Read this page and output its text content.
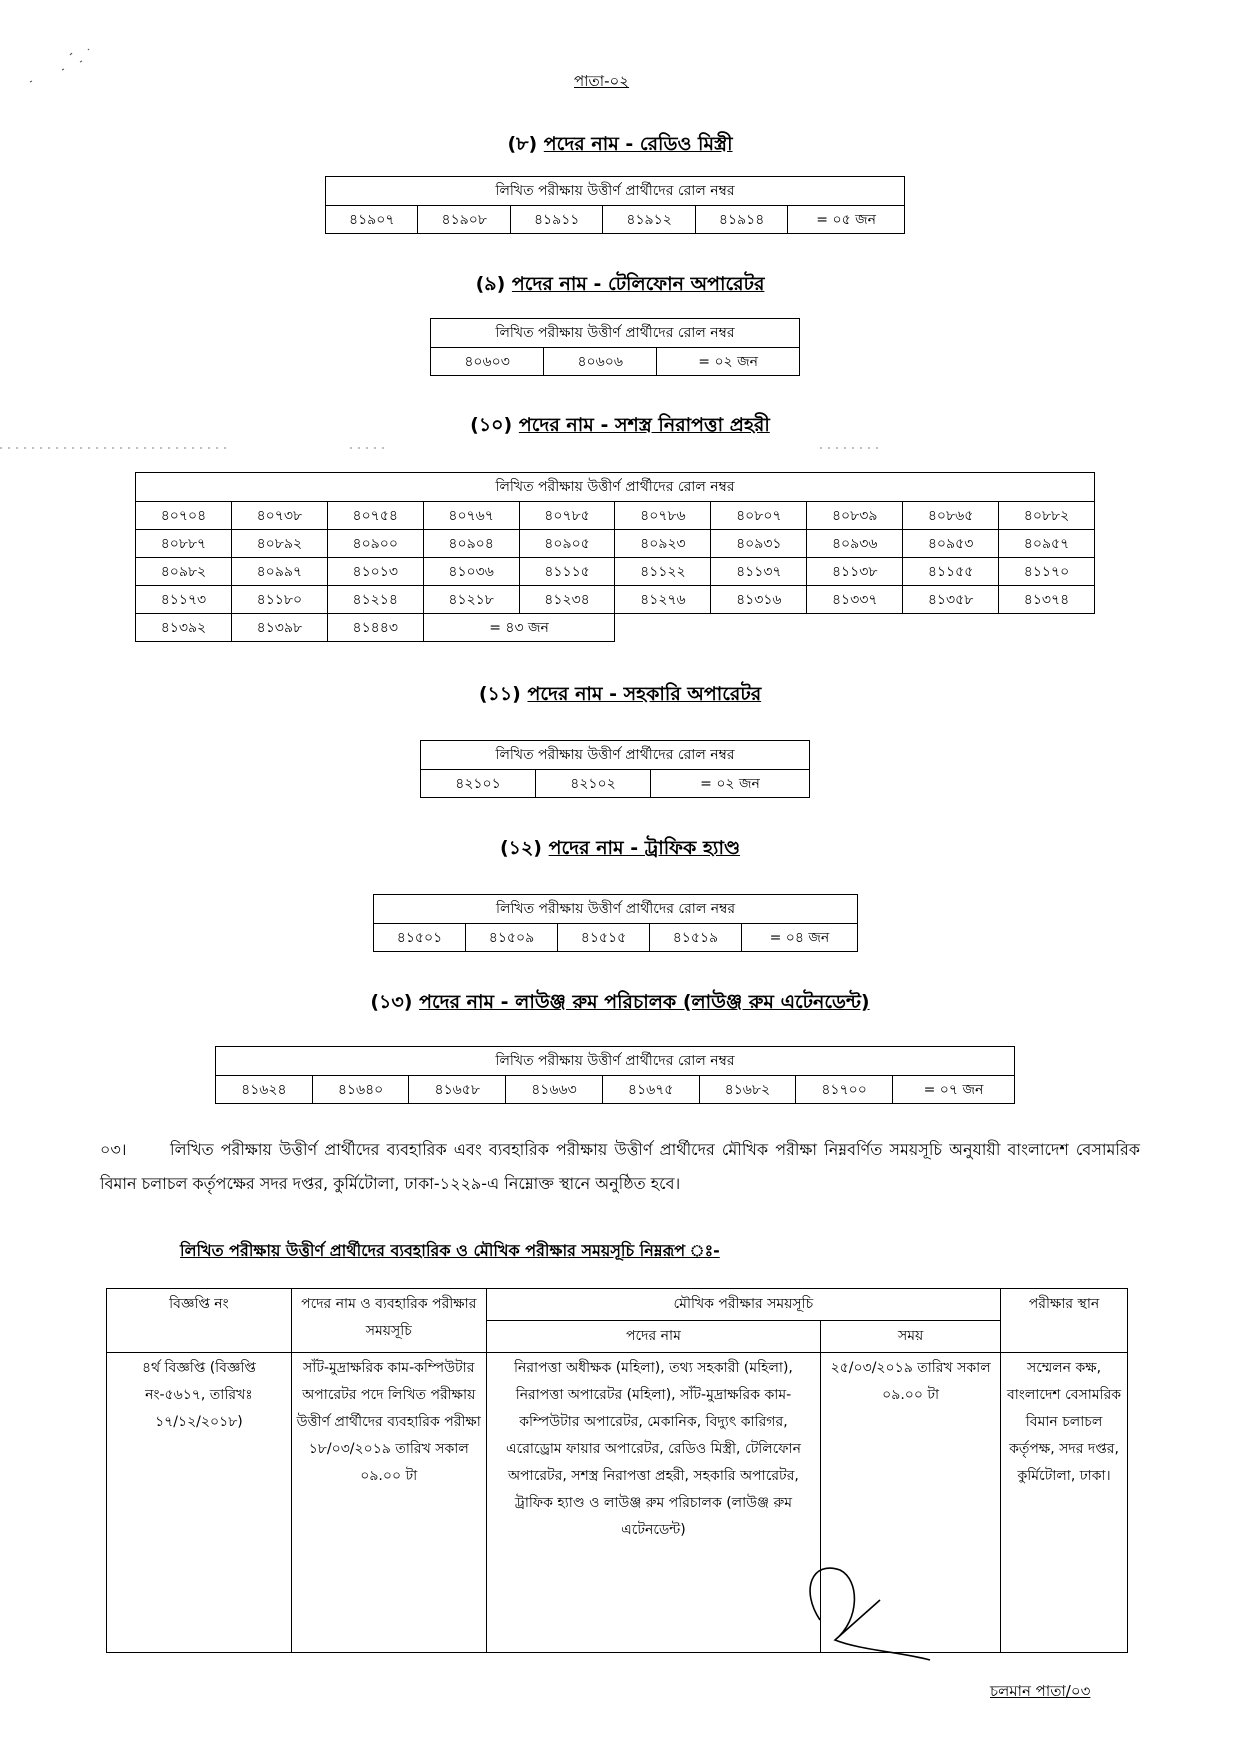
পাতা-০২
(৮) পদের নাম - রেডিও মিস্ত্রী
লিখিত পরীক্ষায় উত্তীর্ণ প্রার্থীদের রোল নম্বর
৪১৯০৭	৪১৯০৮	৪১৯১১	৪১৯১২	৪১৯১৪	= ০৫ জন
(৯) পদের নাম - টেলিফোন অপারেটর
লিখিত পরীক্ষায় উত্তীর্ণ প্রার্থীদের রোল নম্বর
৪০৬০৩	৪০৬০৬	= ০২ জন
(১০) পদের নাম - সশস্ত্র নিরাপত্তা প্রহরী
লিখিত পরীক্ষায় উত্তীর্ণ প্রার্থীদের রোল নম্বর									
৪০৭০৪	৪০৭৩৮	৪০৭৫৪	৪০৭৬৭	৪০৭৮৫	৪০৭৮৬	৪০৮০৭	৪০৮৩৯	৪০৮৬৫	৪০৮৮২
৪০৮৮৭	৪০৮৯২	৪০৯০০	৪০৯০৪	৪০৯০৫	৪০৯২৩	৪০৯৩১	৪০৯৩৬	৪০৯৫৩	৪০৯৫৭
৪০৯৮২	৪০৯৯৭	৪১০১৩	৪১০৩৬	৪১১১৫	৪১১২২	৪১১৩৭	৪১১৩৮	৪১১৫৫	৪১১৭০
৪১১৭৩	৪১১৮০	৪১২১৪	৪১২১৮	৪১২৩৪	৪১২৭৬	৪১৩১৬	৪১৩৩৭	৪১৩৫৮	৪১৩৭৪
৪১৩৯২	৪১৩৯৮	৪১৪৪৩	= ৪৩ জন						
(১১) পদের নাম - সহকারি অপারেটর
লিখিত পরীক্ষায় উত্তীর্ণ প্রার্থীদের রোল নম্বর
৪২১০১	৪২১০২	= ০২ জন
(১২) পদের নাম - ট্রাফিক হ্যাণ্ড
লিখিত পরীক্ষায় উত্তীর্ণ প্রার্থীদের রোল নম্বর
৪১৫০১	৪১৫০৯	৪১৫১৫	৪১৫১৯	= ০৪ জন
(১৩) পদের নাম - লাউঞ্জ রুম পরিচালক (লাউঞ্জ রুম এটেনডেন্ট)
লিখিত পরীক্ষায় উত্তীর্ণ প্রার্থীদের রোল নম্বর
৪১৬২৪	৪১৬৪০	৪১৬৫৮	৪১৬৬৩	৪১৬৭৫	৪১৬৮২	৪১৭০০	= ০৭ জন
০৩।	লিখিত পরীক্ষায় উত্তীর্ণ প্রার্থীদের ব্যবহারিক এবং ব্যবহারিক পরীক্ষায় উত্তীর্ণ প্রার্থীদের মৌখিক পরীক্ষা নিম্নবর্ণিত সময়সূচি অনুযায়ী বাংলাদেশ বেসামরিক বিমান চলাচল কর্তৃপক্ষের সদর দপ্তর, কুর্মিটোলা, ঢাকা-১২২৯-এ নিম্নোক্ত স্থানে অনুষ্ঠিত হবে।
লিখিত পরীক্ষায় উত্তীর্ণ প্রার্থীদের ব্যবহারিক ও মৌখিক পরীক্ষার সময়সূচি নিম্নরূপ ঃ-
বিজ্ঞপ্তি নং	পদের নাম ও ব্যবহারিক পরীক্ষার সময়সূচি	মৌখিক পরীক্ষার সময়সূচি		পরীক্ষার স্থান
		পদের নাম	সময়	
৪র্থ বিজ্ঞপ্তি (বিজ্ঞপ্তি নং-৫৬১৭, তারিখঃ ১৭/১২/২০১৮)	সাঁট-মুদ্রাক্ষরিক কাম-কম্পিউটার অপারেটর পদে লিখিত পরীক্ষায় উত্তীর্ণ প্রার্থীদের ব্যবহারিক পরীক্ষা ১৮/০৩/২০১৯ তারিখ সকাল ০৯.০০ টা	নিরাপত্তা অধীক্ষক (মহিলা), তথ্য সহকারী (মহিলা), নিরাপত্তা অপারেটর (মহিলা), সাঁট-মুদ্রাক্ষরিক কাম-কম্পিউটার অপারেটর, মেকানিক, বিদ্যুৎ কারিগর, এরোড্রোম ফায়ার অপারেটর, রেডিও মিস্ত্রী, টেলিফোন অপারেটর, সশস্ত্র নিরাপত্তা প্রহরী, সহকারি অপারেটর, ট্রাফিক হ্যাণ্ড ও লাউঞ্জ রুম পরিচালক (লাউঞ্জ রুম এটেনডেন্ট)	২৫/০৩/২০১৯ তারিখ সকাল ০৯.০০ টা	সম্মেলন কক্ষ, বাংলাদেশ বেসামরিক বিমান চলাচল কর্তৃপক্ষ, সদর দপ্তর, কুর্মিটোলা, ঢাকা।
চলমান পাতা/০৩
